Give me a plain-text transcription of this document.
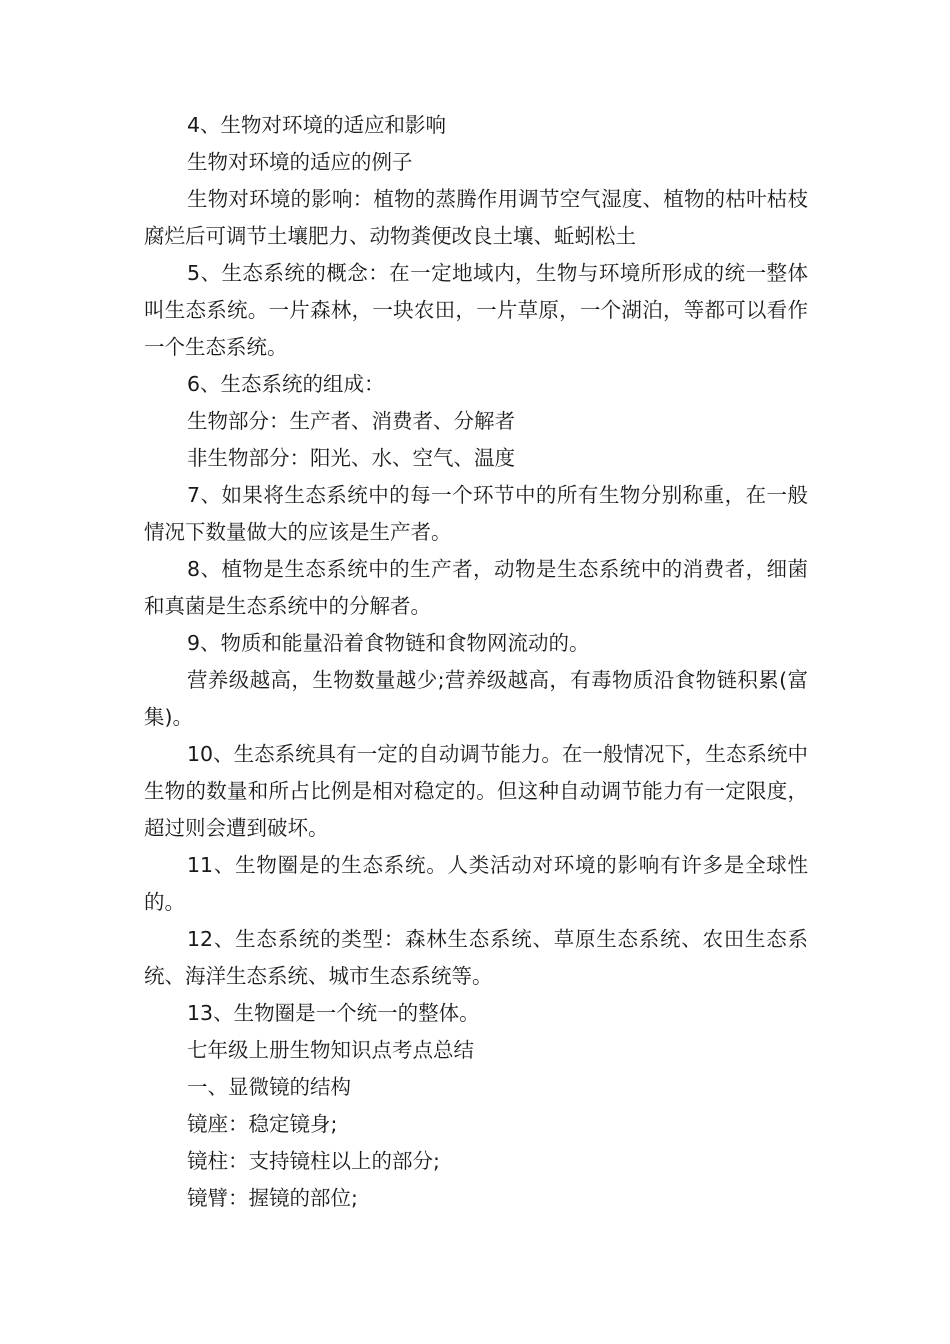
4、生物对环境的适应和影响

生物对环境的适应的例子

生物对环境的影响：植物的蒸腾作用调节空气湿度、植物的枯叶枯枝腐烂后可调节土壤肥力、动物粪便改良土壤、蚯蚓松土

5、生态系统的概念：在一定地域内，生物与环境所形成的统一整体叫生态系统。一片森林，一块农田，一片草原，一个湖泊，等都可以看作一个生态系统。

6、生态系统的组成：

生物部分：生产者、消费者、分解者

非生物部分：阳光、水、空气、温度

7、如果将生态系统中的每一个环节中的所有生物分别称重，在一般情况下数量做大的应该是生产者。

8、植物是生态系统中的生产者，动物是生态系统中的消费者，细菌和真菌是生态系统中的分解者。

9、物质和能量沿着食物链和食物网流动的。

营养级越高，生物数量越少;营养级越高，有毒物质沿食物链积累(富集)。

10、生态系统具有一定的自动调节能力。在一般情况下，生态系统中生物的数量和所占比例是相对稳定的。但这种自动调节能力有一定限度，超过则会遭到破坏。

11、生物圈是的生态系统。人类活动对环境的影响有许多是全球性的。

12、生态系统的类型：森林生态系统、草原生态系统、农田生态系统、海洋生态系统、城市生态系统等。

13、生物圈是一个统一的整体。

七年级上册生物知识点考点总结

一、显微镜的结构

镜座：稳定镜身;

镜柱：支持镜柱以上的部分;

镜臂：握镜的部位;
